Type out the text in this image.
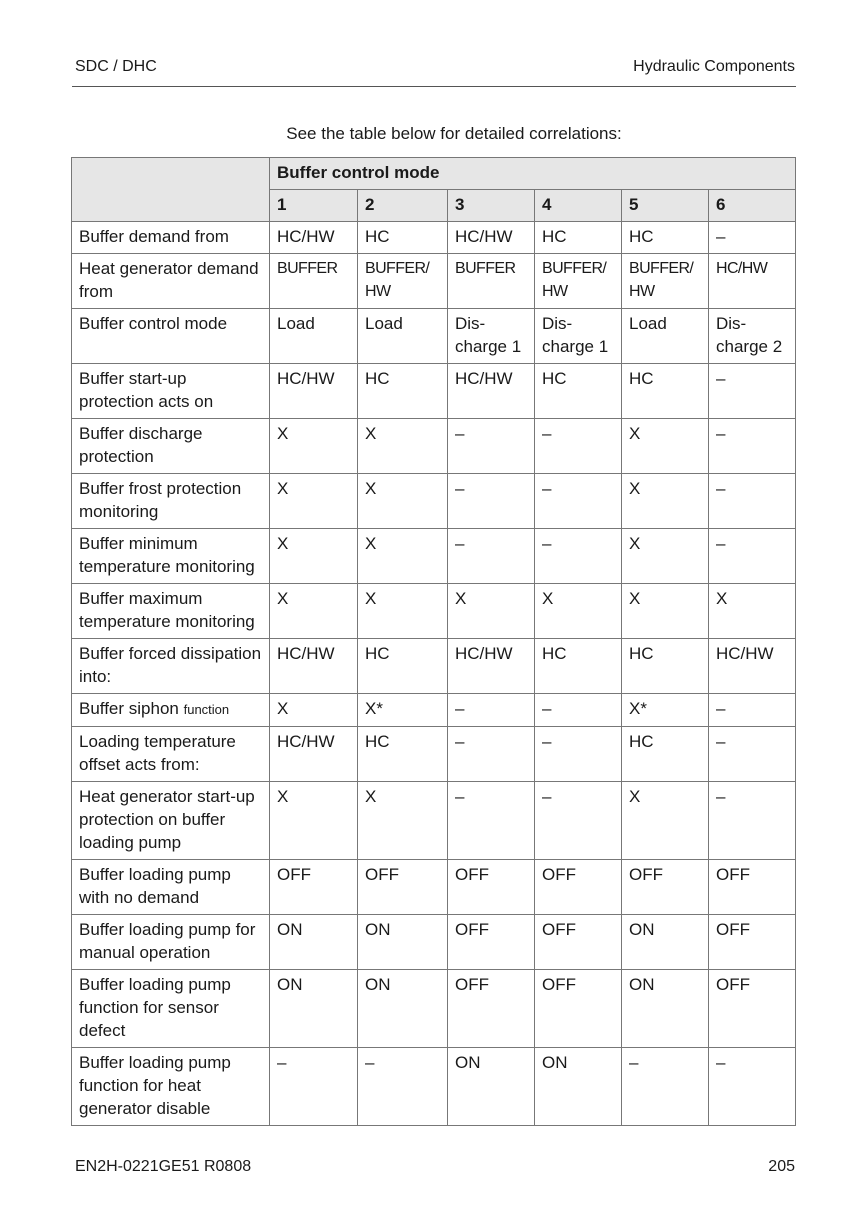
SDC / DHC	Hydraulic Components
See the table below for detailed correlations:
	Buffer control mode					
	1	2	3	4	5	6
Buffer demand from	HC/HW	HC	HC/HW	HC	HC	–
Heat generator demand from	BUFFER	BUFFER/ HW	BUFFER	BUFFER/ HW	BUFFER/ HW	HC/HW
Buffer control mode	Load	Load	Dis- charge 1	Dis- charge 1	Load	Dis- charge 2
Buffer start-up protection acts on	HC/HW	HC	HC/HW	HC	HC	–
Buffer discharge protection	X	X	–	–	X	–
Buffer frost protection monitoring	X	X	–	–	X	–
Buffer minimum temperature monitoring	X	X	–	–	X	–
Buffer maximum temperature monitoring	X	X	X	X	X	X
Buffer forced dissipation into:	HC/HW	HC	HC/HW	HC	HC	HC/HW
Buffer siphon function	X	X*	–	–	X*	–
Loading temperature offset acts from:	HC/HW	HC	–	–	HC	–
Heat generator start-up protection on buffer loading pump	X	X	–	–	X	–
Buffer loading pump with no demand	OFF	OFF	OFF	OFF	OFF	OFF
Buffer loading pump for manual operation	ON	ON	OFF	OFF	ON	OFF
Buffer loading pump function for sensor defect	ON	ON	OFF	OFF	ON	OFF
Buffer loading pump function for heat generator disable	–	–	ON	ON	–	–
EN2H-0221GE51 R0808	205
